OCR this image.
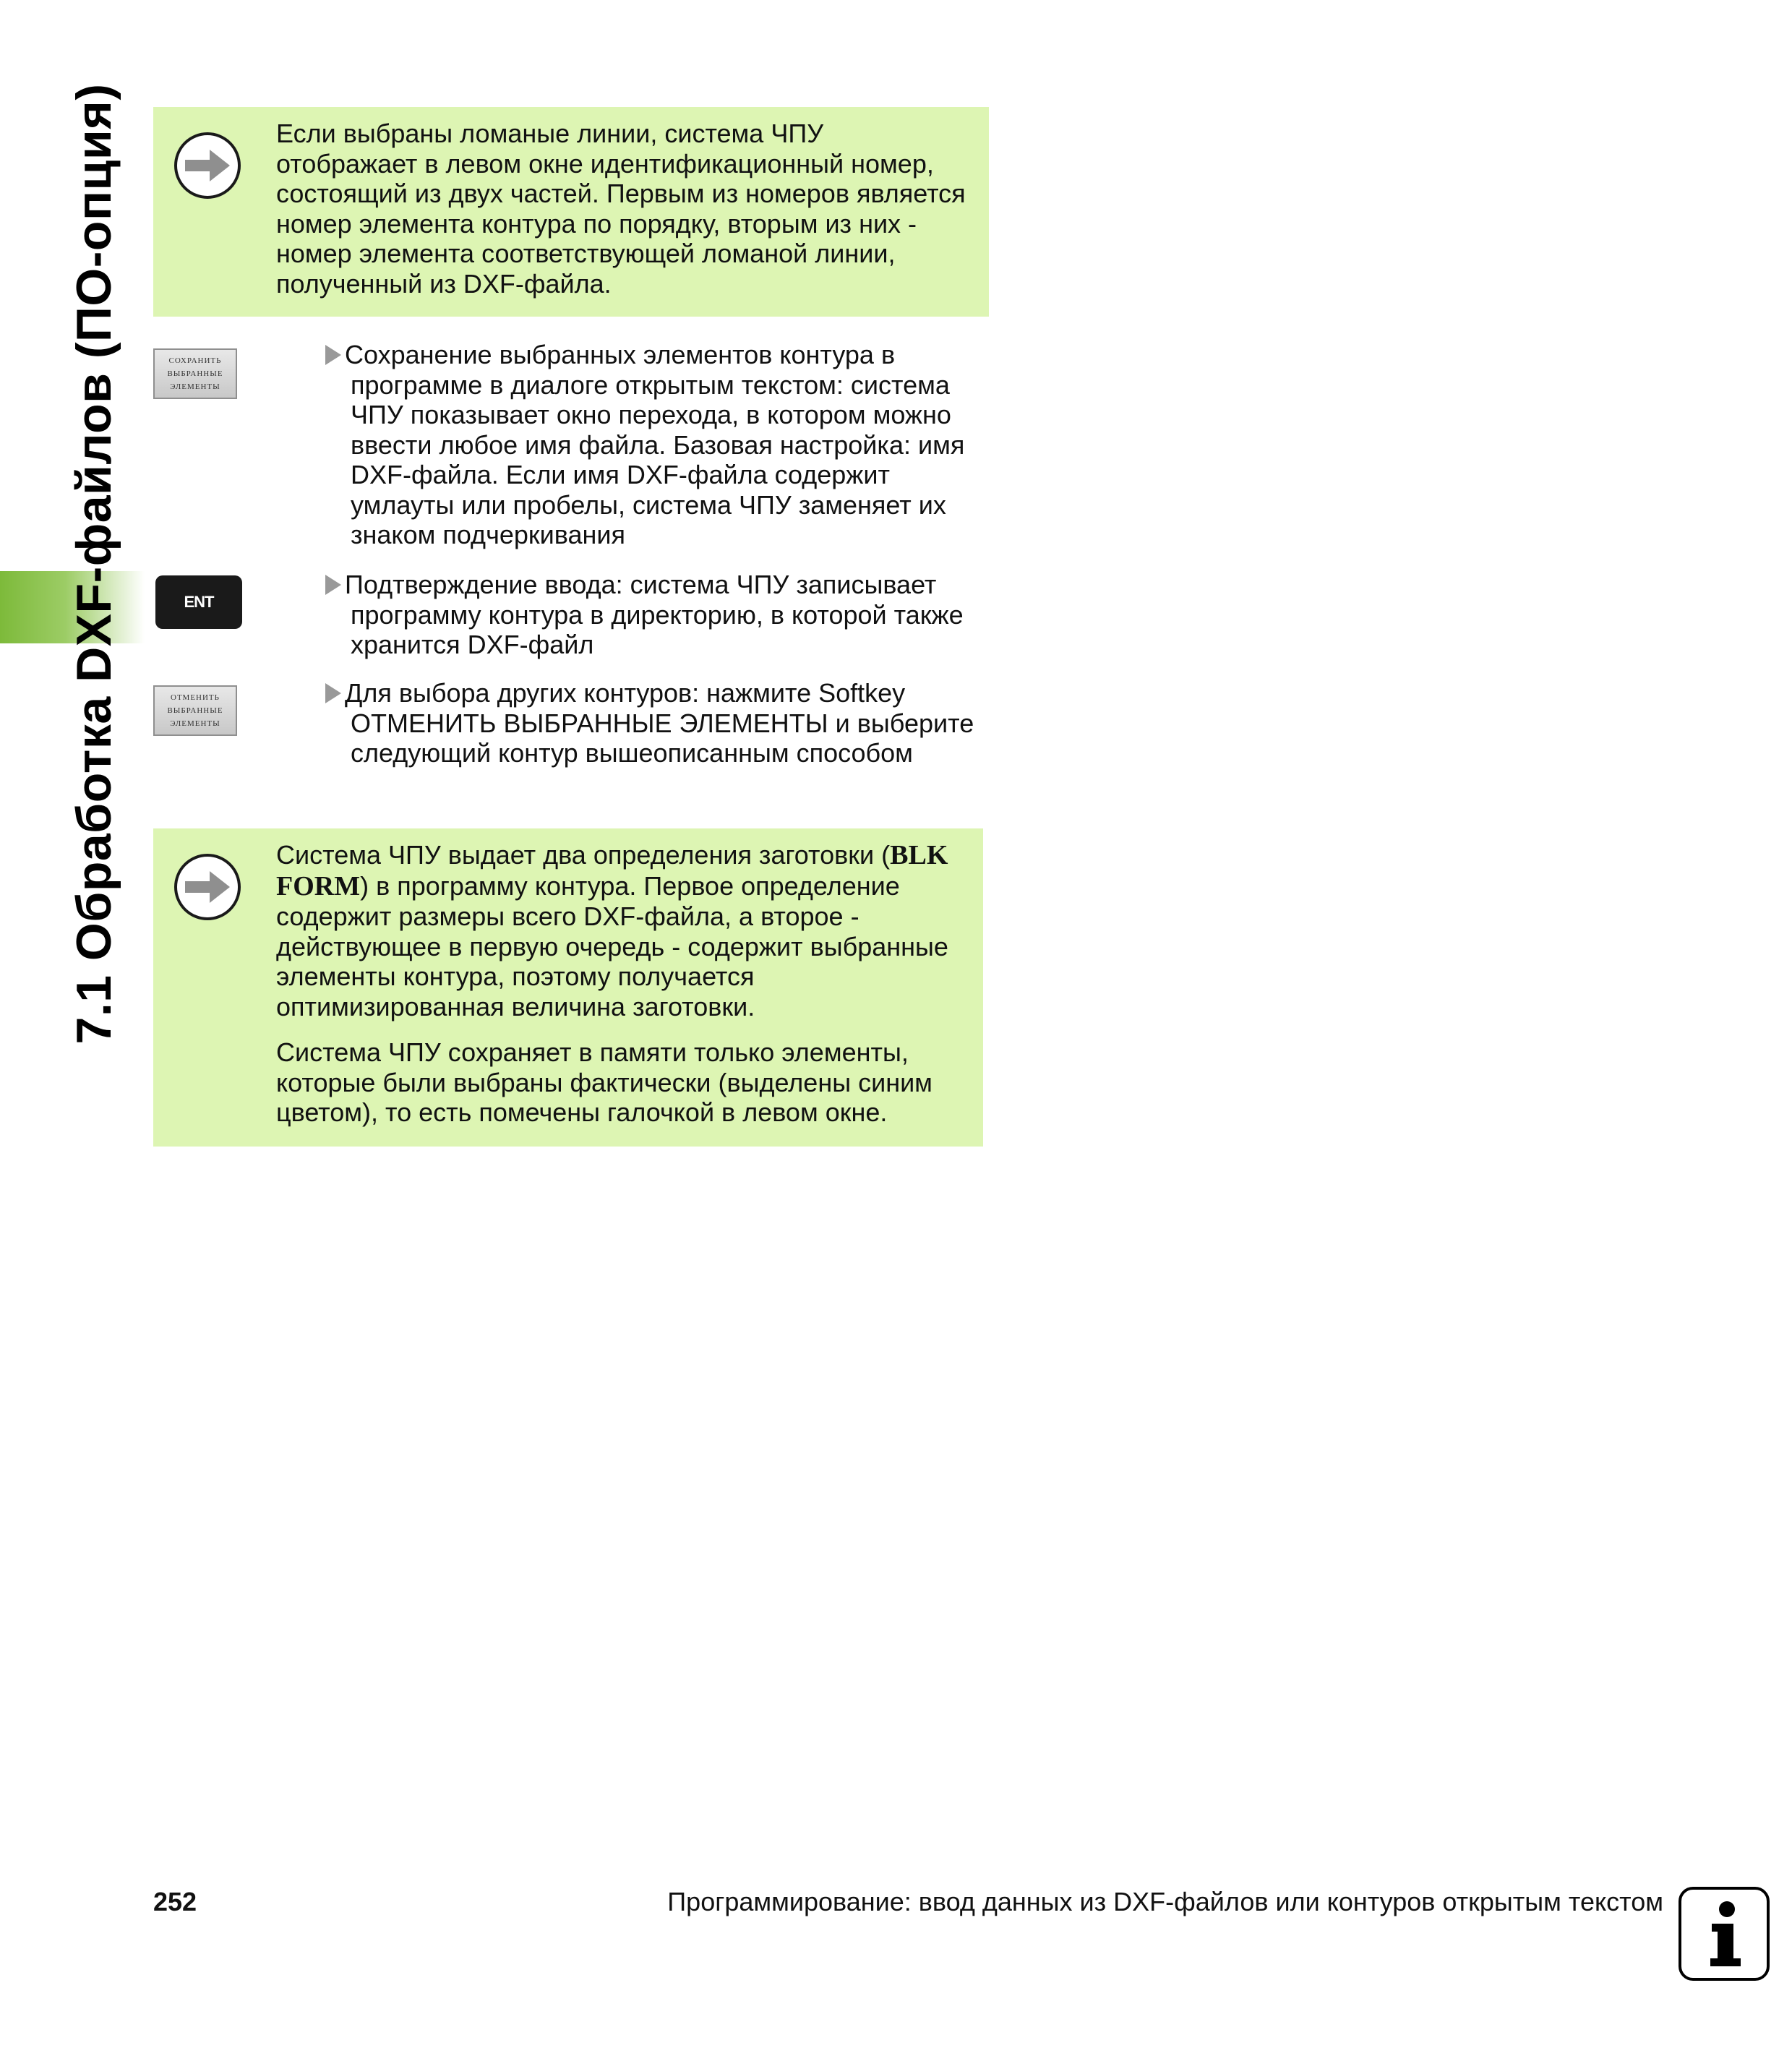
7.1 Обработка DXF-файлов (ПО-опция)	Если выбраны ломаные линии, система ЧПУ отображает в левом окне идентификационный номер, состоящий из двух частей. Первым из номеров является номер элемента контура по порядку, вторым из них - номер элемента соответствующей ломаной линии, полученный из DXF-файла.

СОХРАНИТЬ
ВЫБРАННЫЕ
ЭЛЕМЕНТЫ
Сохранение выбранных элементов контура в программе в диалоге открытым текстом: система ЧПУ показывает окно перехода, в котором можно ввести любое имя файла. Базовая настройка: имя DXF-файла. Если имя DXF-файла содержит умлауты или пробелы, система ЧПУ заменяет их знаком подчеркивания
ENT
Подтверждение ввода: система ЧПУ записывает программу контура в директорию, в которой также хранится DXF-файл
ОТМЕНИТЬ
ВЫБРАННЫЕ
ЭЛЕМЕНТЫ
Для выбора других контуров: нажмите Softkey ОТМЕНИТЬ ВЫБРАННЫЕ ЭЛЕМЕНТЫ и выберите следующий контур вышеописанным способом

Система ЧПУ выдает два определения заготовки (BLK FORM) в программу контура. Первое определение содержит размеры всего DXF-файла, а второе - действующее в первую очередь - содержит выбранные элементы контура, поэтому получается оптимизированная величина заготовки.

Система ЧПУ сохраняет в памяти только элементы, которые были выбраны фактически (выделены синим цветом), то есть помечены галочкой в левом окне.

252	Программирование: ввод данных из DXF-файлов или контуров открытым текстом
